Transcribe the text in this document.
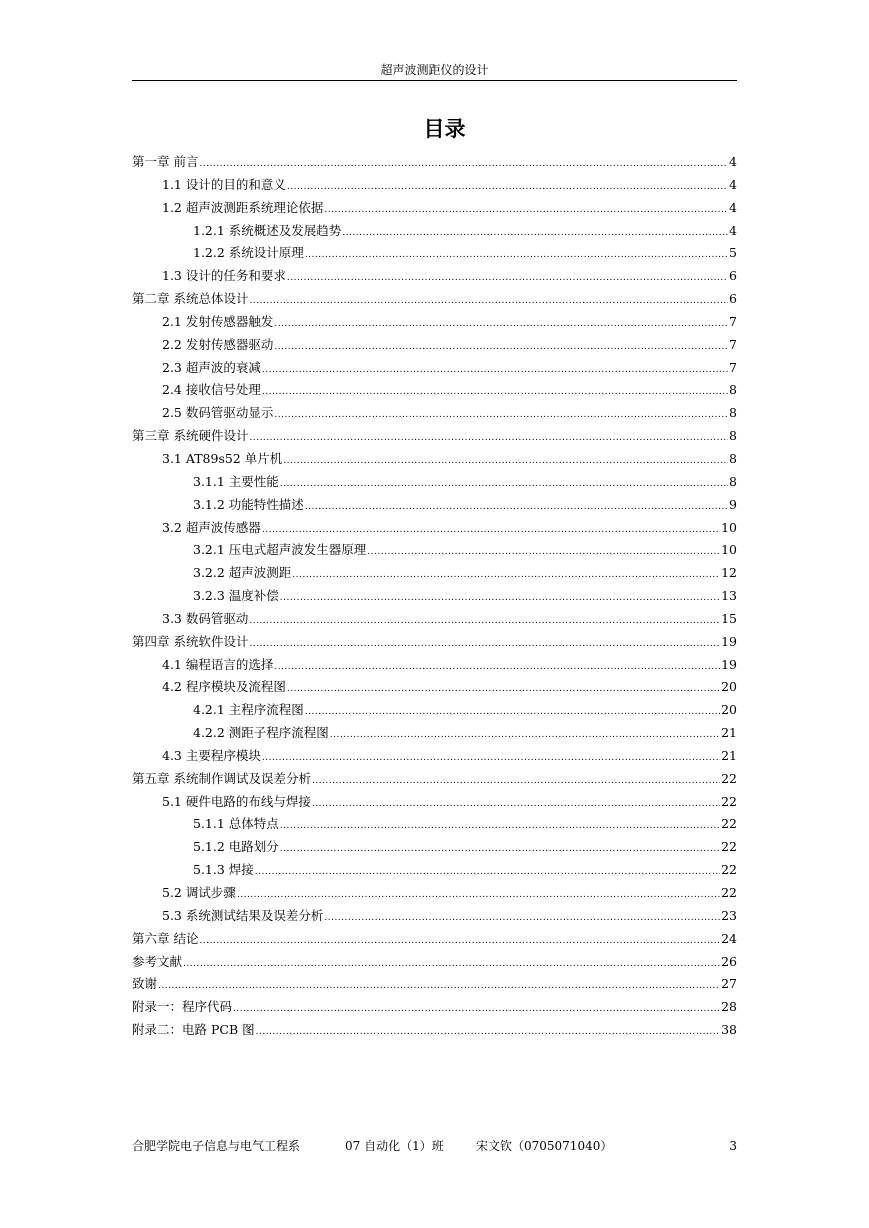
超声波测距仪的设计
目录
第一章 前言 .....	4
1.1 设计的目的和意义 .....	4
1.2 超声波测距系统理论依据 .....	4
1.2.1 系统概述及发展趋势 .....	4
1.2.2 系统设计原理 .....	5
1.3 设计的任务和要求 .....	6
第二章 系统总体设计 .....	6
2.1 发射传感器触发 .....	7
2.2 发射传感器驱动 .....	7
2.3 超声波的衰减 .....	7
2.4 接收信号处理 .....	8
2.5 数码管驱动显示 .....	8
第三章 系统硬件设计 .....	8
3.1 AT89s52 单片机 .....	8
3.1.1 主要性能 .....	8
3.1.2 功能特性描述 .....	9
3.2 超声波传感器 .....	10
3.2.1 压电式超声波发生器原理 .....	10
3.2.2 超声波测距 .....	12
3.2.3 温度补偿 .....	13
3.3 数码管驱动 .....	15
第四章 系统软件设计 .....	19
4.1 编程语言的选择 .....	19
4.2 程序模块及流程图 .....	20
4.2.1 主程序流程图 .....	20
4.2.2 测距子程序流程图 .....	21
4.3 主要程序模块 .....	21
第五章 系统制作调试及误差分析 .....	22
5.1 硬件电路的布线与焊接 .....	22
5.1.1 总体特点 .....	22
5.1.2 电路划分 .....	22
5.1.3 焊接 .....	22
5.2 调试步骤 .....	22
5.3 系统测试结果及误差分析 .....	23
第六章 结论 .....	24
参考文献 .....	26
致谢 .....	27
附录一：程序代码 .....	28
附录二：电路 PCB 图 .....	38
合肥学院电子信息与电气工程系	07 自动化（1）班	宋文钦（0705071040）	3
